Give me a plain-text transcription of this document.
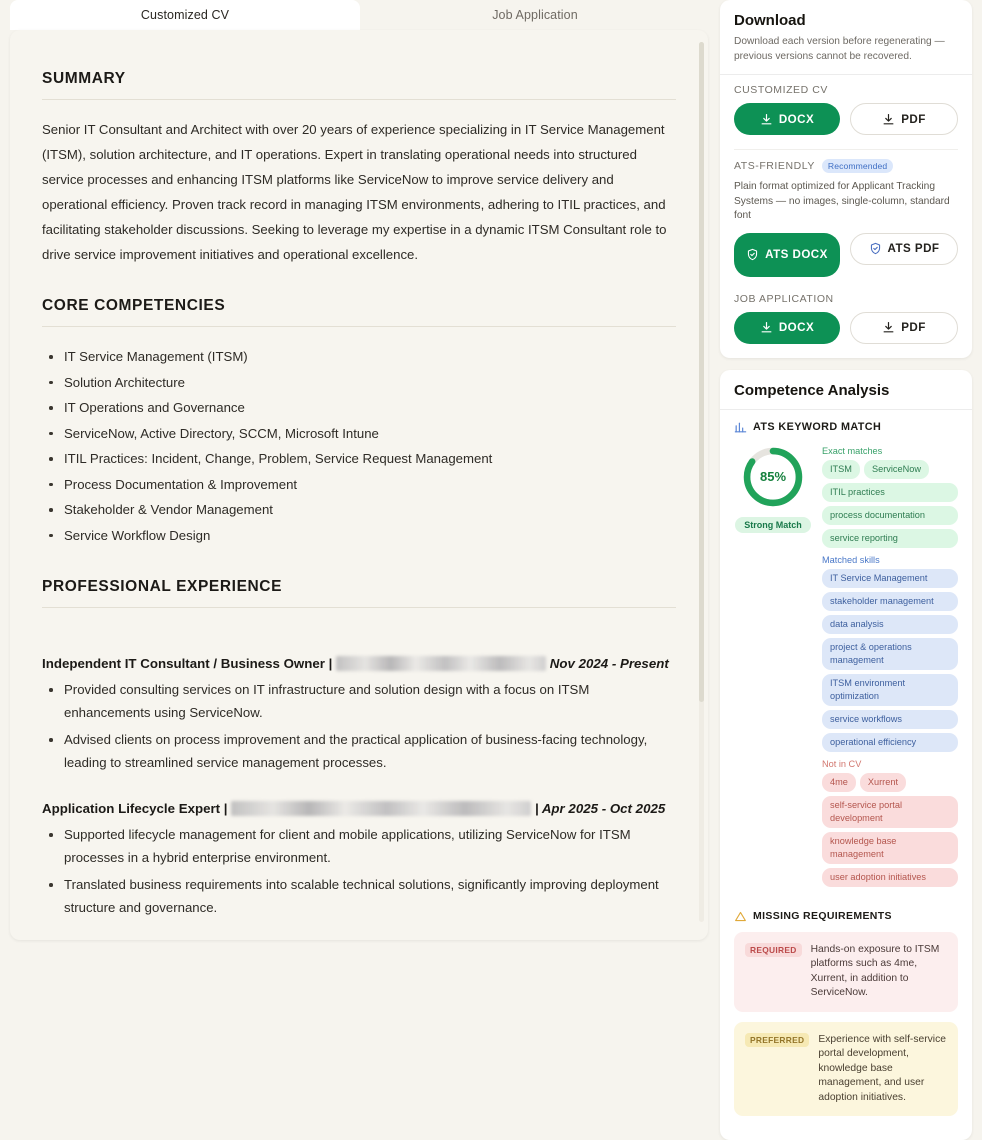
Customized CV	Job Application
SUMMARY
Senior IT Consultant and Architect with over 20 years of experience specializing in IT Service Management (ITSM), solution architecture, and IT operations. Expert in translating operational needs into structured service processes and enhancing ITSM platforms like ServiceNow to improve service delivery and operational efficiency. Proven track record in managing ITSM environments, adhering to ITIL practices, and facilitating stakeholder discussions. Seeking to leverage my expertise in a dynamic ITSM Consultant role to drive service improvement initiatives and operational excellence.
CORE COMPETENCIES
IT Service Management (ITSM)
Solution Architecture
IT Operations and Governance
ServiceNow, Active Directory, SCCM, Microsoft Intune
ITIL Practices: Incident, Change, Problem, Service Request Management
Process Documentation & Improvement
Stakeholder & Vendor Management
Service Workflow Design
PROFESSIONAL EXPERIENCE
Independent IT Consultant / Business Owner |	Nov 2024 - Present
Provided consulting services on IT infrastructure and solution design with a focus on ITSM enhancements using ServiceNow.
Advised clients on process improvement and the practical application of business-facing technology, leading to streamlined service management processes.
Application Lifecycle Expert |	| Apr 2025 - Oct 2025
Supported lifecycle management for client and mobile applications, utilizing ServiceNow for ITSM processes in a hybrid enterprise environment.
Translated business requirements into scalable technical solutions, significantly improving deployment structure and governance.
Download
Download each version before regenerating — previous versions cannot be recovered.
CUSTOMIZED CV
DOCX	PDF
ATS-FRIENDLY	Recommended
Plain format optimized for Applicant Tracking Systems — no images, single-column, standard font
ATS DOCX	ATS PDF
JOB APPLICATION
DOCX	PDF
Competence Analysis
ATS KEYWORD MATCH
85%
Strong Match
Exact matches
ITSM	ServiceNow
ITIL practices
process documentation
service reporting
Matched skills
IT Service Management
stakeholder management
data analysis
project & operations management
ITSM environment optimization
service workflows
operational efficiency
Not in CV
4me	Xurrent
self-service portal development
knowledge base management
user adoption initiatives
MISSING REQUIREMENTS
REQUIRED	Hands-on exposure to ITSM platforms such as 4me, Xurrent, in addition to ServiceNow.
PREFERRED	Experience with self-service portal development, knowledge base management, and user adoption initiatives.
